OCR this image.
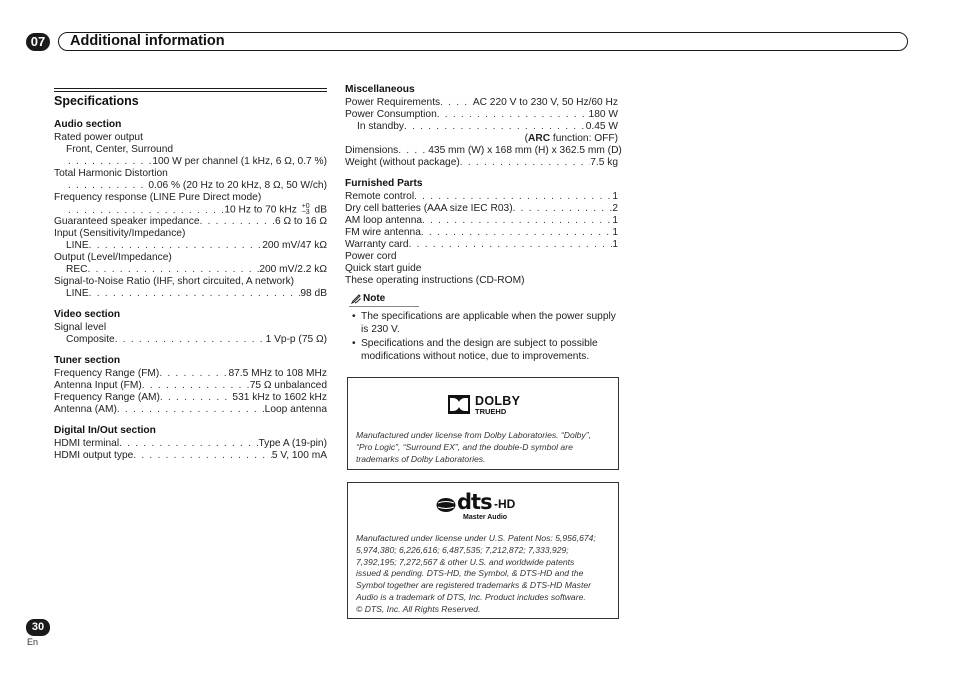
07	Additional information
Specifications
Audio section
Rated power output
Front, Center, Surround
. . .
100 W per channel (1 kHz, 6 Ω, 0.7 %)
Total Harmonic Distortion
. . .
0.06 % (20 Hz to 20 kHz, 8 Ω, 50 W/ch)
Frequency response (LINE Pure Direct mode)
. . .
10 Hz to 70 kHz +0
−3 dB
Guaranteed speaker impedance . . .	6 Ω to 16 Ω
Input (Sensitivity/Impedance)
LINE . . .	200 mV/47 kΩ
Output (Level/Impedance)
REC . . .	200 mV/2.2 kΩ
Signal-to-Noise Ratio (IHF, short circuited, A network)
LINE . . .	98 dB
Video section
Signal level
Composite . . .	1 Vp-p (75 Ω)
Tuner section
Frequency Range (FM) . . .	87.5 MHz to 108 MHz
Antenna Input (FM) . . .	75 Ω unbalanced
Frequency Range (AM) . . .	531 kHz to 1602 kHz
Antenna (AM) . . .	Loop antenna
Digital In/Out section
HDMI terminal . . .	Type A (19-pin)
HDMI output type . . .	5 V, 100 mA
Miscellaneous
Power Requirements . . .	AC 220 V to 230 V, 50 Hz/60 Hz
Power Consumption . . .	180 W
In standby . . .	0.45 W
(ARC function: OFF)
Dimensions . . .	435 mm (W) x 168 mm (H) x 362.5 mm (D)
Weight (without package) . . .	7.5 kg
Furnished Parts
Remote control . . .	1
Dry cell batteries (AAA size IEC R03) . . .	2
AM loop antenna . . .	1
FM wire antenna . . .	1
Warranty card . . .	1
Power cord
Quick start guide
These operating instructions (CD-ROM)
Note
• The specifications are applicable when the power supply
is 230 V.
• Specifications and the design are subject to possible
modifications without notice, due to improvements.
DOLBY
TRUEHD
Manufactured under license from Dolby Laboratories. “Dolby”,
“Pro Logic”, “Surround EX”, and the double-D symbol are
trademarks of Dolby Laboratories.
dts -HD
Master Audio
Manufactured under license under U.S. Patent Nos: 5,956,674;
5,974,380; 6,226,616; 6,487,535; 7,212,872; 7,333,929;
7,392,195; 7,272,567 & other U.S. and worldwide patents
issued & pending. DTS-HD, the Symbol, & DTS-HD and the
Symbol together are registered trademarks & DTS-HD Master
Audio is a trademark of DTS, Inc. Product includes software.
© DTS, Inc. All Rights Reserved.
30
En
